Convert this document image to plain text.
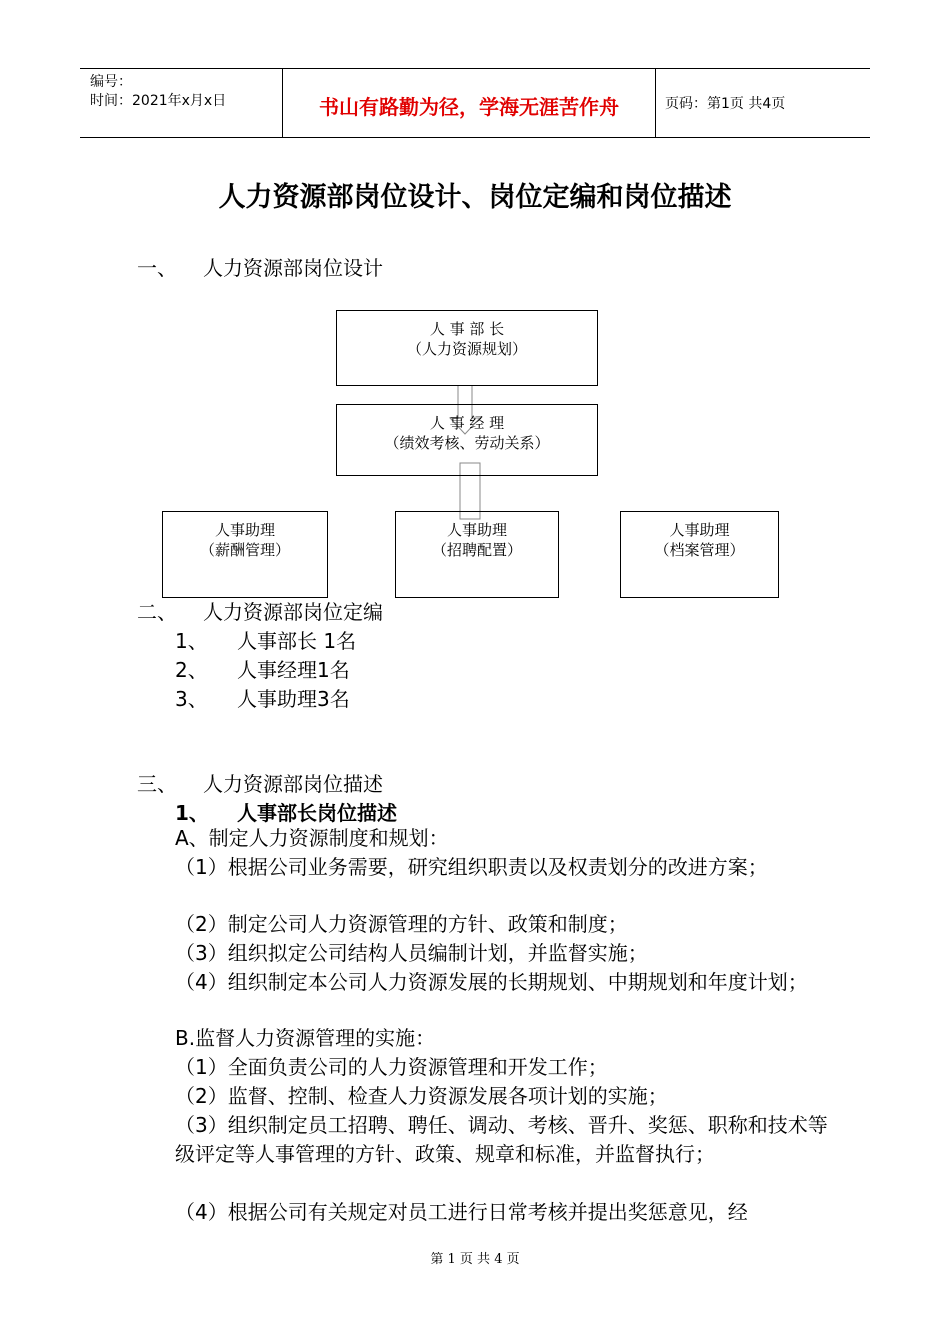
编号：
时间：2021年x月x日	书山有路勤为径，学海无涯苦作舟	页码：第1页 共4页
人力资源部岗位设计、岗位定编和岗位描述
一、 人力资源部岗位设计
人 事 部 长
（人力资源规划）
人 事 经 理
（绩效考核、劳动关系）
人事助理
（薪酬管理）
人事助理
（招聘配置）
人事助理
（档案管理）
二、 人力资源部岗位定编
1、 人事部长 1名
2、 人事经理1名
3、 人事助理3名
三、 人力资源部岗位描述
1、 人事部长岗位描述
A、制定人力资源制度和规划：
（1）根据公司业务需要，研究组织职责以及权责划分的改进方案；
（2）制定公司人力资源管理的方针、政策和制度；
（3）组织拟定公司结构人员编制计划，并监督实施；
（4）组织制定本公司人力资源发展的长期规划、中期规划和年度计划；
B.监督人力资源管理的实施：
（1）全面负责公司的人力资源管理和开发工作；
（2）监督、控制、检查人力资源发展各项计划的实施；
（3）组织制定员工招聘、聘任、调动、考核、晋升、奖惩、职称和技术等级评定等人事管理的方针、政策、规章和标准，并监督执行；
（4）根据公司有关规定对员工进行日常考核并提出奖惩意见，经
第 1 页 共 4 页
